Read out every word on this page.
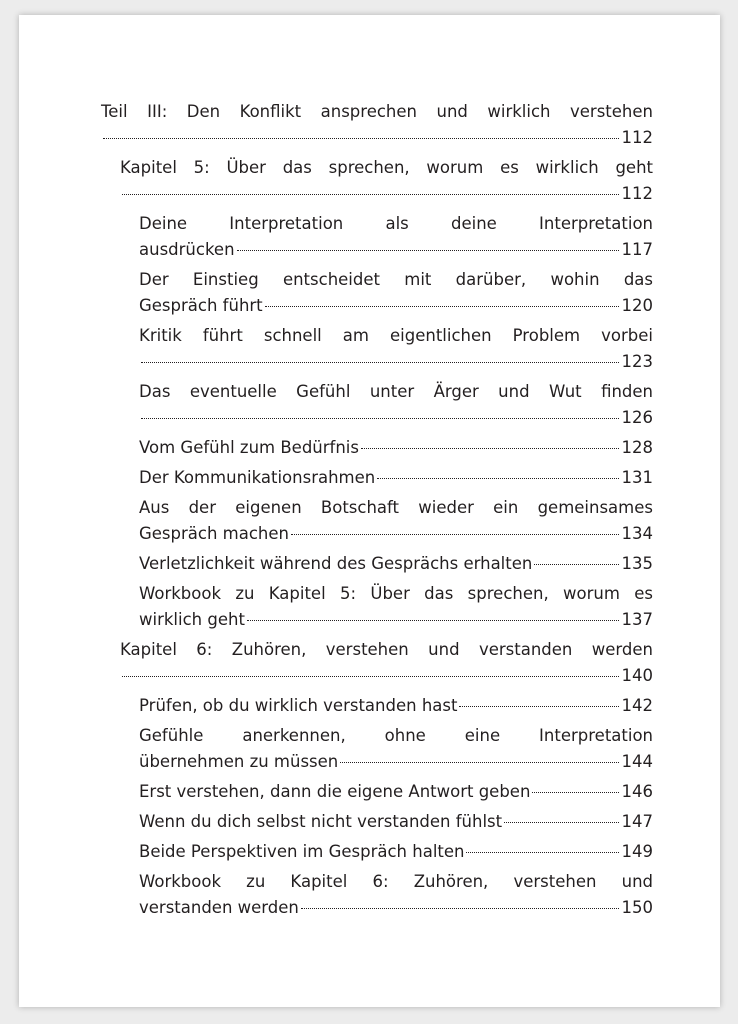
Teil III: Den Konflikt ansprechen und wirklich verstehen
112
Kapitel 5: Über das sprechen, worum es wirklich geht
112
Deine Interpretation als deine Interpretation
ausdrücken	117
Der Einstieg entscheidet mit darüber, wohin das
Gespräch führt	120
Kritik führt schnell am eigentlichen Problem vorbei
123
Das eventuelle Gefühl unter Ärger und Wut finden
126
Vom Gefühl zum Bedürfnis	128
Der Kommunikationsrahmen	131
Aus der eigenen Botschaft wieder ein gemeinsames
Gespräch machen	134
Verletzlichkeit während des Gesprächs erhalten	135
Workbook zu Kapitel 5: Über das sprechen, worum es
wirklich geht	137
Kapitel 6: Zuhören, verstehen und verstanden werden
140
Prüfen, ob du wirklich verstanden hast	142
Gefühle anerkennen, ohne eine Interpretation
übernehmen zu müssen	144
Erst verstehen, dann die eigene Antwort geben	146
Wenn du dich selbst nicht verstanden fühlst	147
Beide Perspektiven im Gespräch halten	149
Workbook zu Kapitel 6: Zuhören, verstehen und
verstanden werden	150
